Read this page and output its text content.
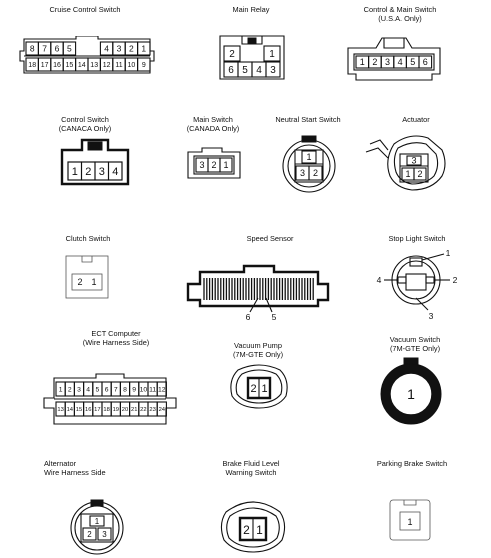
Cruise Control Switch
8 7 6 5	4 3 2 1
18 17 16 15 14 13 12 11 10 9
Main Relay
2	1
6 5 4 3
Control & Main Switch
(U.S.A. Only)
1 2 3 4 5 6
Control Switch
(CANACA Only)
1 2 3 4
Main Switch
(CANADA Only)
3 2 1
Neutral Start Switch
1
3 2
Actuator
3
1 2
Clutch Switch
2 1
Speed Sensor
6	5
Stop Light Switch
1
2
3
4
ECT Computer
(Wire Harness Side)
1 2 3 4 5 6 7 8 9 10 11 12
13 14 15 16 17 18 19 20 21 22 23 24
Vacuum Pump
(7M-GTE Only)
2 1
Vacuum Switch
(7M-GTE Only)
1
Alternator
Wire Harness Side
1
2 3
Brake Fluid Level
Warning Switch
2 1
Parking Brake Switch
1
